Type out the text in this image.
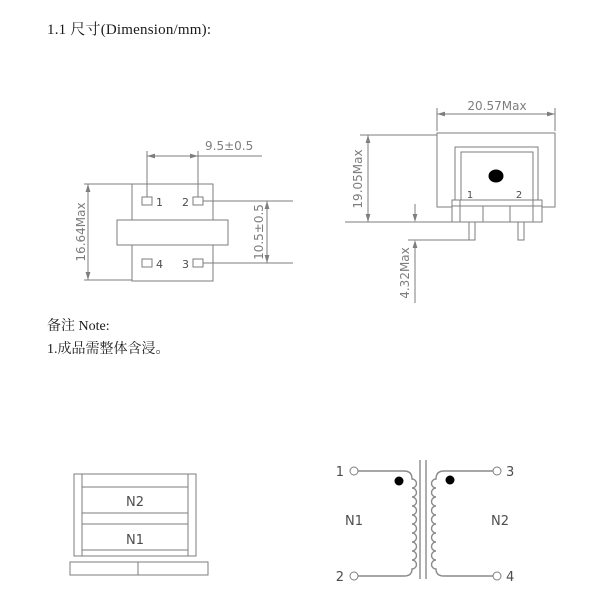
1.1 尺寸(Dimension/mm):
备注 Note:
1.成品需整体含浸。
1 2
4 3
9.5±0.5
16.64Max	10.5±0.5
1	2
20.57Max
19.05Max
4.32Max
N2
N1
1
2
3
4
N1	N2
